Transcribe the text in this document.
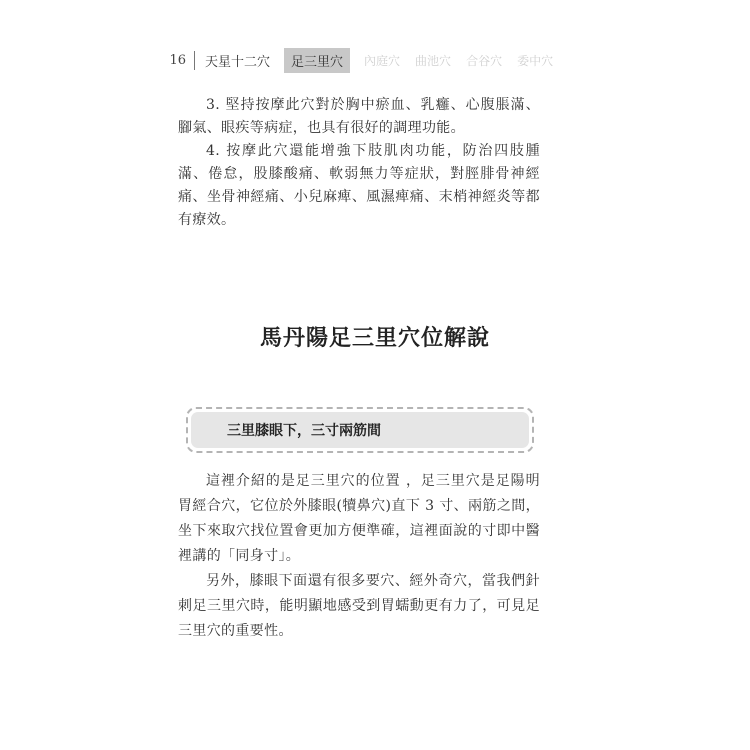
16 天星十二穴	足三里穴	內庭穴 曲池穴 合谷穴 委中穴

3. 堅持按摩此穴對於胸中瘀血、乳癰、心腹脹滿、腳氣、眼疾等病症，也具有很好的調理功能。

4. 按摩此穴還能增強下肢肌肉功能，防治四肢腫滿、倦怠，股膝酸痛、軟弱無力等症狀，對脛腓骨神經痛、坐骨神經痛、小兒麻痺、風濕痺痛、末梢神經炎等都有療效。

馬丹陽足三里穴位解說
三里膝眼下，三寸兩筋間

這裡介紹的是足三里穴的位置 ，足三里穴是足陽明胃經合穴，它位於外膝眼(犢鼻穴)直下 3 寸、兩筋之間，坐下來取穴找位置會更加方便準確，這裡面說的寸即中醫裡講的「同身寸」。

另外，膝眼下面還有很多要穴、經外奇穴，當我們針刺足三里穴時，能明顯地感受到胃蠕動更有力了，可見足三里穴的重要性。
